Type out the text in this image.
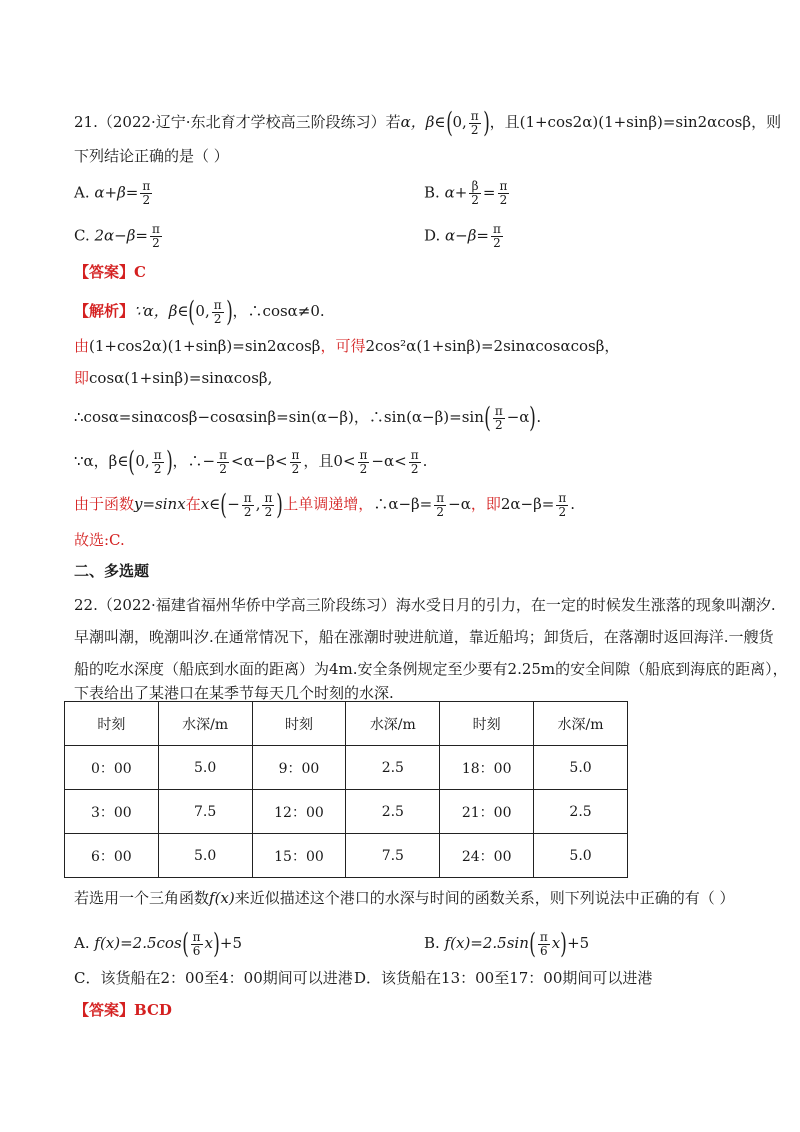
21.（2022·辽宁·东北育才学校高三阶段练习）若α，β∈(0, $\frac{\pi}{2}$ )，且(1+cos2α)(1+sinβ)=sin2αcosβ，则
下列结论正确的是（ ）
A. $\alpha+\beta= \frac{\pi}{2}$	B. $\alpha+ \frac{\beta}{2} = \frac{\pi}{2}$
C. $2\alpha-\beta= \frac{\pi}{2}$	D. $\alpha-\beta= \frac{\pi}{2}$
【答案】C
【解析】∵α，β∈(0, $\frac{\pi}{2}$ )，∴cosα≠0.
由(1+cos2α)(1+sinβ)=sin2αcosβ，可得2cos²α(1+sinβ)=2sinαcosαcosβ，
即cosα(1+sinβ)=sinαcosβ,
∴cosα=sinαcosβ−cosαsinβ=sin(α−β)，∴sin(α−β)=sin( $\frac{\pi}{2} -\alpha$).
∵α，β∈(0, $\frac{\pi}{2}$ )，∴− $\frac{\pi}{2} <\alpha-\beta< \frac{\pi}{2}$ ，且$0< \frac{\pi}{2} -\alpha< \frac{\pi}{2}$ .
由于函数y=sinx在x∈(− $\frac{\pi}{2}$ , $\frac{\pi}{2}$ )上单调递增，∴α−β= $\frac{\pi}{2} -\alpha$，即$2\alpha-\beta= \frac{\pi}{2}$ .
故选:C.
二、多选题
22.（2022·福建省福州华侨中学高三阶段练习）海水受日月的引力，在一定的时候发生涨落的现象叫潮汐.
早潮叫潮，晚潮叫汐.在通常情况下，船在涨潮时驶进航道，靠近船坞；卸货后，在落潮时返回海洋.一艘货
船的吃水深度（船底到水面的距离）为4m.安全条例规定至少要有2.25m的安全间隙（船底到海底的距离），
下表给出了某港口在某季节每天几个时刻的水深.
时刻	水深/m	时刻	水深/m	时刻	水深/m
0：00	5.0	9：00	2.5	18：00	5.0
3：00	7.5	12：00	2.5	21：00	2.5
6：00	5.0	15：00	7.5	24：00	5.0
若选用一个三角函数f(x)来近似描述这个港口的水深与时间的函数关系，则下列说法中正确的有（ ）
A. $f(x)=2.5\cos( \frac{\pi}{6} x)+5$	B. $f(x)=2.5\sin( \frac{\pi}{6} x)+5$
C．该货船在2：00至4：00期间可以进港 D．该货船在13：00至17：00期间可以进港
【答案】BCD
